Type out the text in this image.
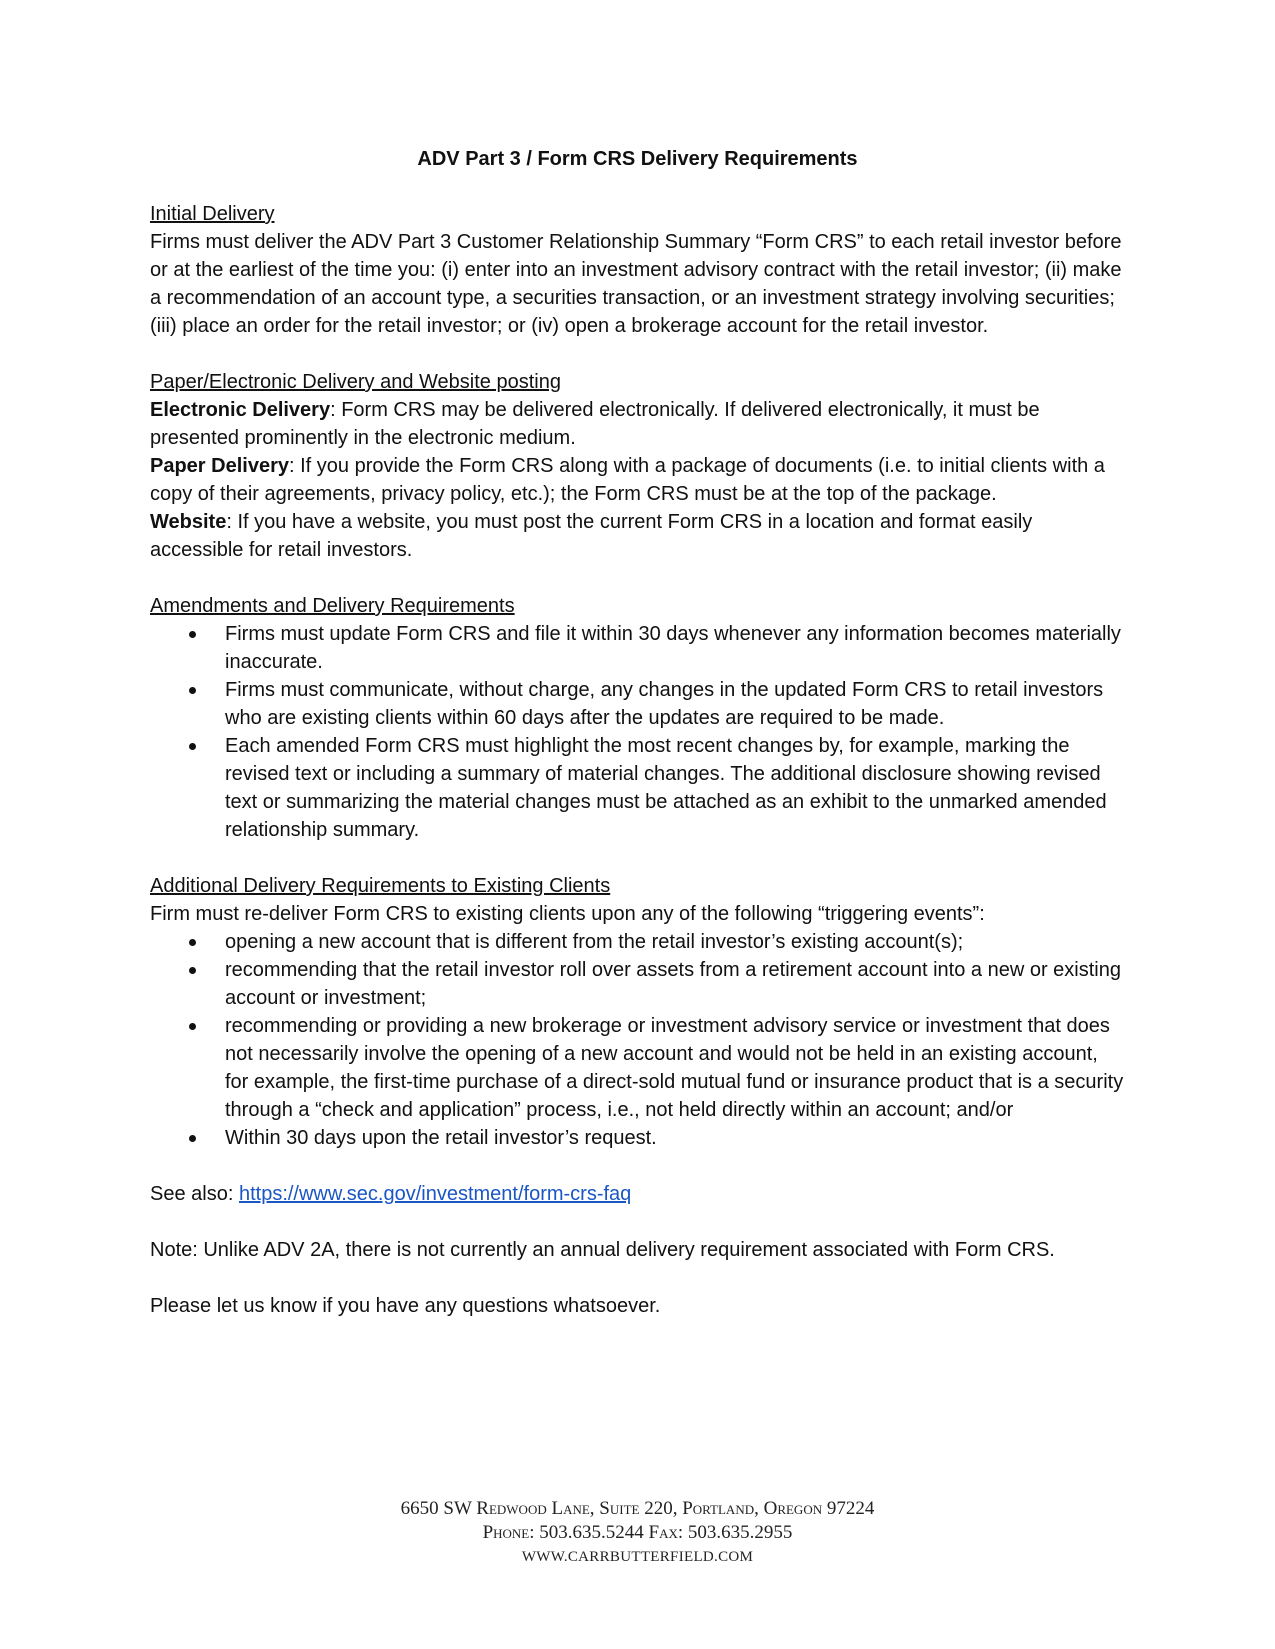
ADV Part 3 / Form CRS Delivery Requirements
Initial Delivery

Firms must deliver the ADV Part 3 Customer Relationship Summary “Form CRS” to each retail investor before or at the earliest of the time you: (i) enter into an investment advisory contract with the retail investor; (ii) make a recommendation of an account type, a securities transaction, or an investment strategy involving securities; (iii) place an order for the retail investor; or (iv) open a brokerage account for the retail investor.

Paper/Electronic Delivery and Website posting

Electronic Delivery: Form CRS may be delivered electronically. If delivered electronically, it must be presented prominently in the electronic medium.

Paper Delivery: If you provide the Form CRS along with a package of documents (i.e. to initial clients with a copy of their agreements, privacy policy, etc.); the Form CRS must be at the top of the package.

Website: If you have a website, you must post the current Form CRS in a location and format easily accessible for retail investors.

Amendments and Delivery Requirements
Firms must update Form CRS and file it within 30 days whenever any information becomes materially inaccurate.
Firms must communicate, without charge, any changes in the updated Form CRS to retail investors who are existing clients within 60 days after the updates are required to be made.
Each amended Form CRS must highlight the most recent changes by, for example, marking the revised text or including a summary of material changes. The additional disclosure showing revised text or summarizing the material changes must be attached as an exhibit to the unmarked amended relationship summary.
Additional Delivery Requirements to Existing Clients

Firm must re-deliver Form CRS to existing clients upon any of the following “triggering events”:

opening a new account that is different from the retail investor’s existing account(s);
recommending that the retail investor roll over assets from a retirement account into a new or existing account or investment;
recommending or providing a new brokerage or investment advisory service or investment that does not necessarily involve the opening of a new account and would not be held in an existing account, for example, the first-time purchase of a direct-sold mutual fund or insurance product that is a security through a “check and application” process, i.e., not held directly within an account; and/or
Within 30 days upon the retail investor’s request.

See also: https://www.sec.gov/investment/form-crs-faq

Note: Unlike ADV 2A, there is not currently an annual delivery requirement associated with Form CRS.

Please let us know if you have any questions whatsoever.

6650 SW Redwood Lane, Suite 220, Portland, Oregon 97224
Phone: 503.635.5244 Fax: 503.635.2955
WWW.CARRBUTTERFIELD.COM
